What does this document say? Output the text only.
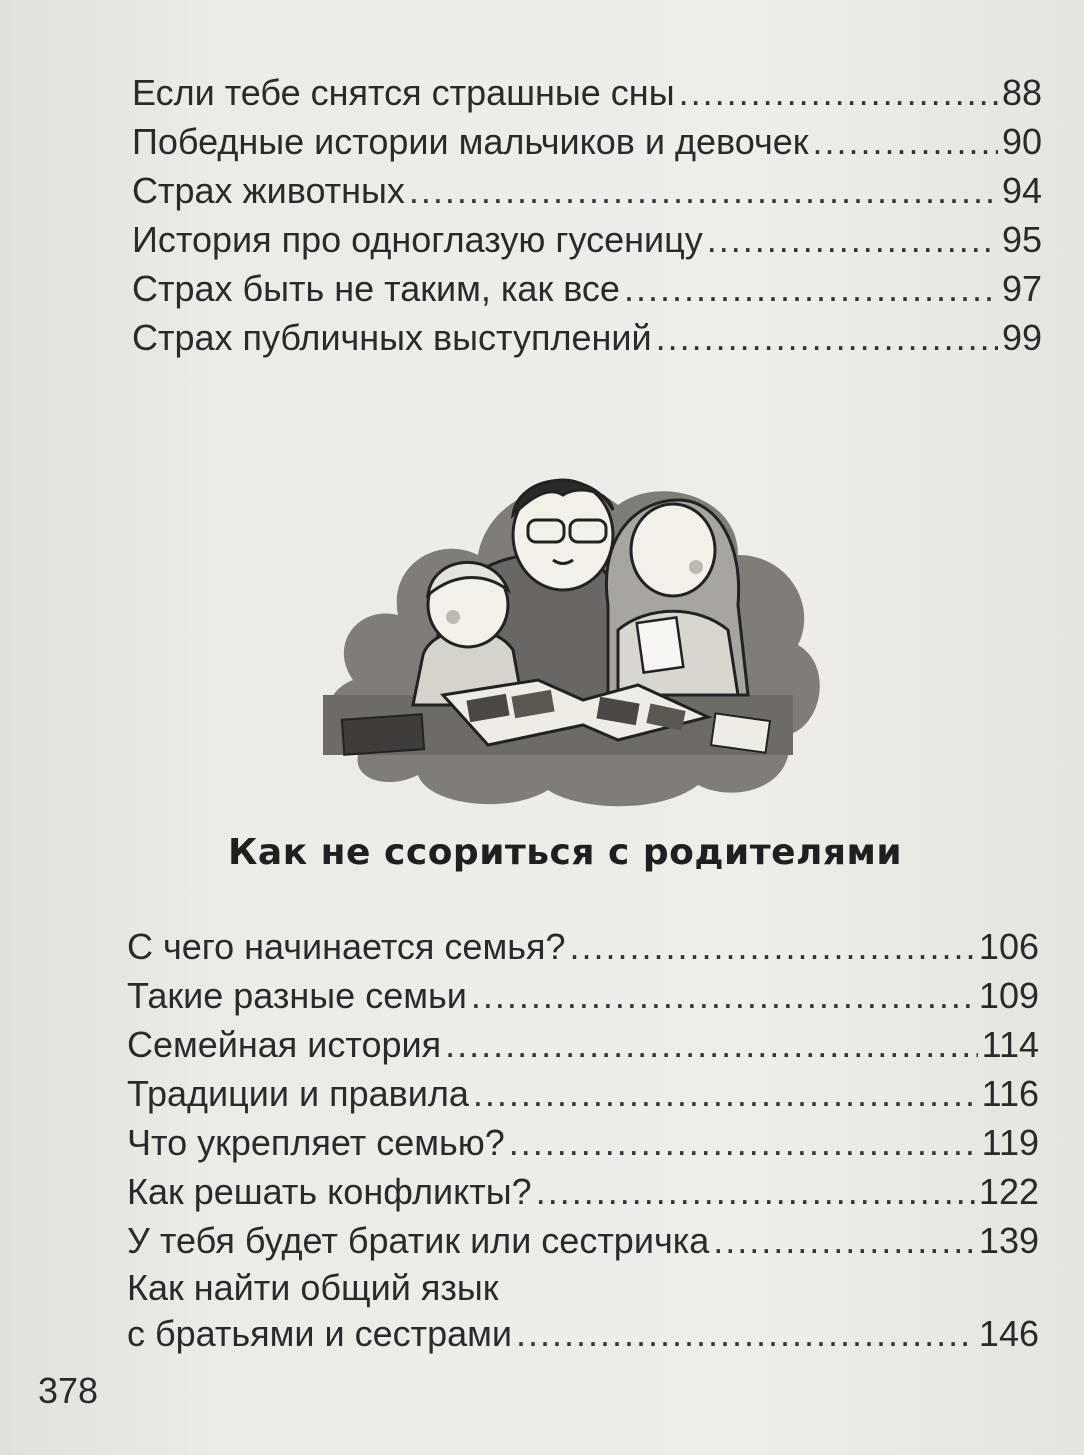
Если тебе снятся страшные сны .....	88
Победные истории мальчиков и девочек .....	90
Страх животных .....	94
История про одноглазую гусеницу .....	95
Страх быть не таким, как все .....	97
Страх публичных выступлений .....	99
Как не ссориться с родителями
С чего начинается семья? .....	106
Такие разные семьи .....	109
Семейная история .....	114
Традиции и правила .....	116
Что укрепляет семью? .....	119
Как решать конфликты? .....	122
У тебя будет братик или сестричка .....	139
Как найти общий язык
с братьями и сестрами .....	146
378
